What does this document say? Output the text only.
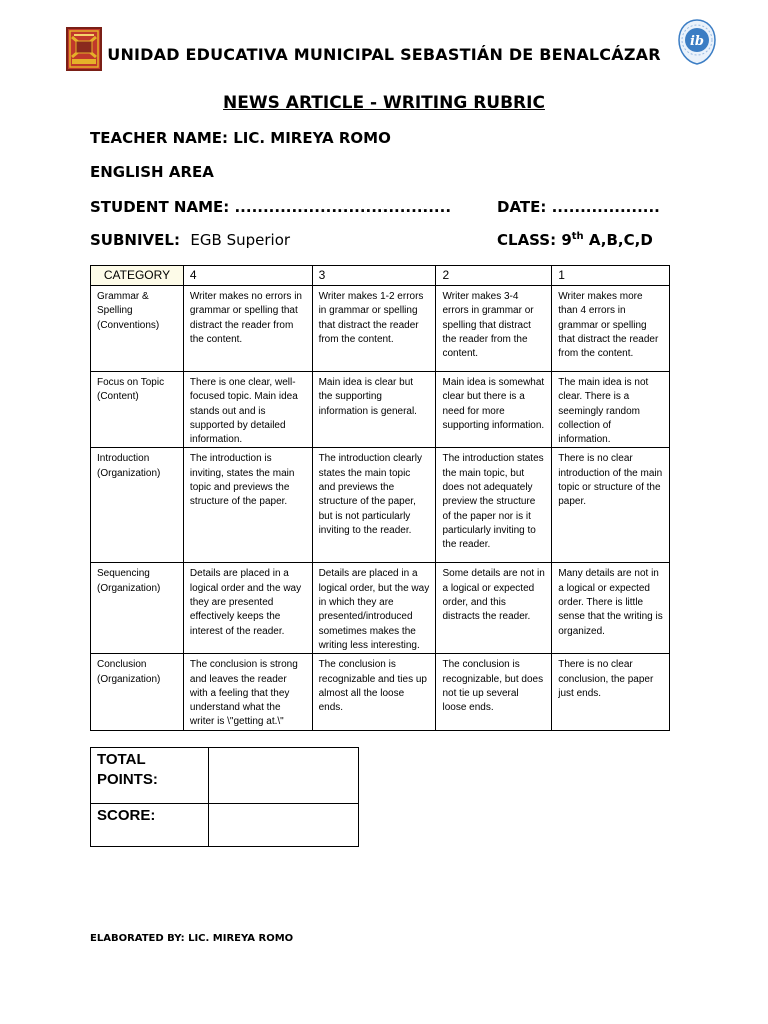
ib
UNIDAD EDUCATIVA MUNICIPAL SEBASTIÁN DE BENALCÁZAR
NEWS ARTICLE - WRITING RUBRIC
TEACHER NAME: LIC. MIREYA ROMO
ENGLISH AREA
STUDENT NAME: ......................................	DATE: ...................
SUBNIVEL: EGB Superior	CLASS: 9th A,B,C,D
CATEGORY	4	3	2	1
Grammar & Spelling (Conventions)	Writer makes no errors in grammar or spelling that distract the reader from the content.	Writer makes 1-2 errors in grammar or spelling that distract the reader from the content.	Writer makes 3-4 errors in grammar or spelling that distract the reader from the content.	Writer makes more than 4 errors in grammar or spelling that distract the reader from the content.
Focus on Topic (Content)	There is one clear, well-focused topic. Main idea stands out and is supported by detailed information.	Main idea is clear but the supporting information is general.	Main idea is somewhat clear but there is a need for more supporting information.	The main idea is not clear. There is a seemingly random collection of information.
Introduction (Organization)	The introduction is inviting, states the main topic and previews the structure of the paper.	The introduction clearly states the main topic and previews the structure of the paper, but is not particularly inviting to the reader.	The introduction states the main topic, but does not adequately preview the structure of the paper nor is it particularly inviting to the reader.	There is no clear introduction of the main topic or structure of the paper.
Sequencing (Organization)	Details are placed in a logical order and the way they are presented effectively keeps the interest of the reader.	Details are placed in a logical order, but the way in which they are presented/introduced sometimes makes the writing less interesting.	Some details are not in a logical or expected order, and this distracts the reader.	Many details are not in a logical or expected order. There is little sense that the writing is organized.
Conclusion (Organization)	The conclusion is strong and leaves the reader with a feeling that they understand what the writer is \"getting at.\"	The conclusion is recognizable and ties up almost all the loose ends.	The conclusion is recognizable, but does not tie up several loose ends.	There is no clear conclusion, the paper just ends.
TOTAL POINTS:	
SCORE:	
ELABORATED BY: LIC. MIREYA ROMO
